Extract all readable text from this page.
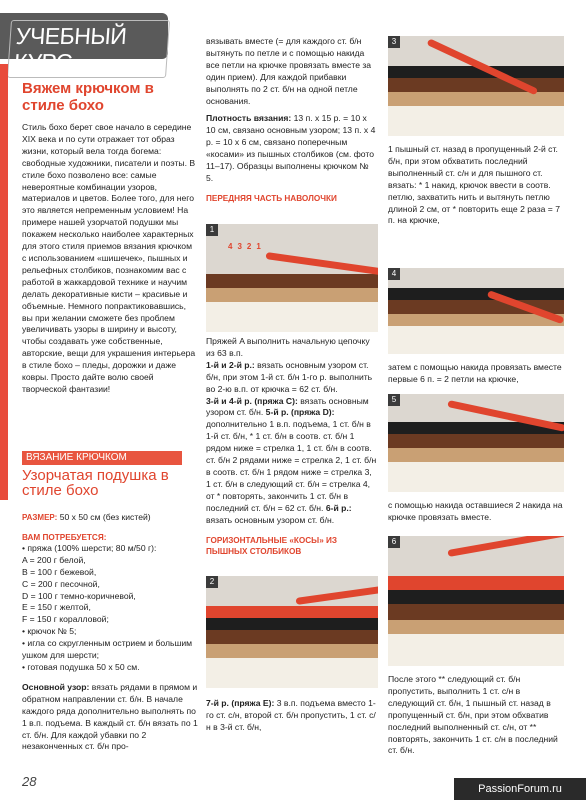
УЧЕБНЫЙ КУРС
Вяжем крючком в стиле бохо

Стиль бохо берет свое начало в середине XIX века и по сути отражает тот образ жизни, который вела тогда богема: свободные художники, писатели и поэты. В стиле бохо позволено все: самые невероятные комбинации узоров, материалов и цветов. Более того, для него это является непременным условием! На примере нашей узорчатой подушки мы покажем несколько наиболее характерных для этого стиля приемов вязания крючком с использованием «шишечек», пышных и рельефных столбиков, познакомим вас с работой в жаккардовой технике и научим делать декоративные кисти – красивые и объемные. Немного попрактиковавшись, вы при желании сможете без проблем увеличивать узоры в ширину и высоту, чтобы создавать уже собственные, авторские, вещи для украшения интерьера в стиле бохо – пледы, дорожки и даже ковры. Просто дайте волю своей творческой фантазии!

ВЯЗАНИЕ КРЮЧКОМ
Узорчатая подушка в стиле бохо

РАЗМЕР: 50 х 50 см (без кистей)

ВАМ ПОТРЕБУЕТСЯ:
• пряжа (100% шерсти; 80 м/50 г):
A = 200 г белой,
B = 100 г бежевой,
C = 200 г песочной,
D = 100 г темно-коричневой,
E = 150 г желтой,
F = 150 г коралловой;
• крючок № 5;
• игла со скругленным острием и большим ушком для шерсти;
• готовая подушка 50 х 50 см.

Основной узор: вязать рядами в прямом и обратном направлении ст. б/н. В начале каждого ряда дополнительно выполнять по 1 в.п. подъема. В каждый ст. б/н вязать по 1 ст. б/н. Для каждой убавки по 2 незаконченных ст. б/н про-

вязывать вместе (= для каждого ст. б/н вытянуть по петле и с помощью накида все петли на крючке провязать вместе за один прием). Для каждой прибавки выполнять по 2 ст. б/н на одной петле основания.

Плотность вязания: 13 п. х 15 р. = 10 х 10 см, связано основным узором; 13 п. х 4 р. = 10 х 6 см, связано поперечным «косами» из пышных столбиков (см. фото 11–17). Образцы выполнены крючком № 5.

ПЕРЕДНЯЯ ЧАСТЬ НАВОЛОЧКИ
4321
1

Пряжей A выполнить начальную цепочку из 63 в.п.

1-й и 2-й р.: вязать основным узором ст. б/н, при этом 1-й ст. б/н 1-го р. выполнить во 2-ю в.п. от крючка = 62 ст. б/н.

3-й и 4-й р. (пряжа С): вязать основным узором ст. б/н. 5-й р. (пряжа D): дополнительно 1 в.п. подъема, 1 ст. б/н в 1-й ст. б/н, * 1 ст. б/н в соотв. ст. б/н 1 рядом ниже = стрелка 1, 1 ст. б/н в соотв. ст. б/н 2 рядами ниже = стрелка 2, 1 ст. б/н в соотв. ст. б/н 1 рядом ниже = стрелка 3, 1 ст. б/н в следующий ст. б/н = стрелка 4, от * повторять, закончить 1 ст. б/н в последний ст. б/н = 62 ст. б/н. 6-й р.: вязать основным узором ст. б/н.

ГОРИЗОНТАЛЬНЫЕ «КОСЫ» ИЗ ПЫШНЫХ СТОЛБИКОВ
2

7-й р. (пряжа Е): 3 в.п. подъема вместо 1-го ст. с/н, второй ст. б/н пропустить, 1 ст. с/н в 3-й ст. б/н,

3

1 пышный ст. назад в пропущенный 2-й ст. б/н, при этом обхватить последний выполненный ст. с/н и для пышного ст. вязать: * 1 накид, крючок ввести в соотв. петлю, захватить нить и вытянуть петлю длиной 2 см, от * повторить еще 2 раза = 7 п. на крючке,

4

затем с помощью накида провязать вместе первые 6 п. = 2 петли на крючке,

5

с помощью накида оставшиеся 2 накида на крючке провязать вместе.

6

После этого ** следующий ст. б/н пропустить, выполнить 1 ст. с/н в следующий ст. б/н, 1 пышный ст. назад в пропущенный ст. б/н, при этом обхватив последний выполненный ст. с/н, от ** повторять, закончить 1 ст. с/н в последний ст. б/н.

28	PassionForum.ru
